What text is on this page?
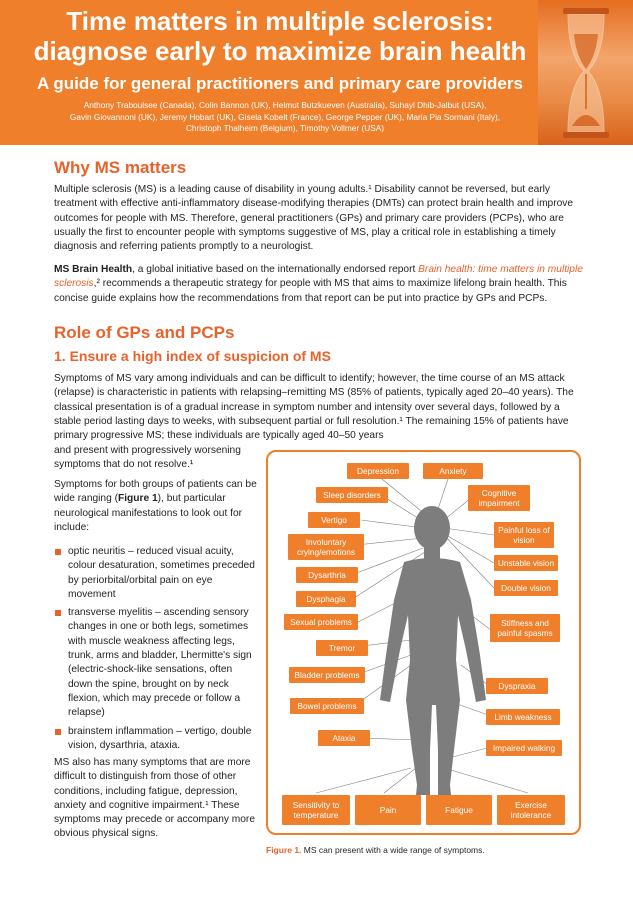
Time matters in multiple sclerosis:
diagnose early to maximize brain health
A guide for general practitioners and primary care providers
Anthony Traboulsee (Canada), Colin Bannon (UK), Helmut Butzkueven (Australia), Suhayl Dhib-Jalbut (USA),
Gavin Giovannoni (UK), Jeremy Hobart (UK), Gisela Kobelt (France), George Pepper (UK), Maria Pia Sormani (Italy),
Christoph Thalheim (Belgium), Timothy Vollmer (USA)
Why MS matters

Multiple sclerosis (MS) is a leading cause of disability in young adults.¹ Disability cannot be reversed, but early treatment with effective anti-inflammatory disease-modifying therapies (DMTs) can protect brain health and improve outcomes for people with MS. Therefore, general practitioners (GPs) and primary care providers (PCPs), who are usually the first to encounter people with symptoms suggestive of MS, play a critical role in establishing a timely diagnosis and referring patients promptly to a neurologist.

MS Brain Health, a global initiative based on the internationally endorsed report Brain health: time matters in multiple sclerosis,² recommends a therapeutic strategy for people with MS that aims to maximize lifelong brain health. This concise guide explains how the recommendations from that report can be put into practice by GPs and PCPs.

Role of GPs and PCPs
1. Ensure a high index of suspicion of MS

Symptoms of MS vary among individuals and can be difficult to identify; however, the time course of an MS attack (relapse) is characteristic in patients with relapsing–remitting MS (85% of patients, typically aged 20–40 years). The classical presentation is of a gradual increase in symptom number and intensity over several days, followed by a stable period lasting days to weeks, with subsequent partial or full resolution.¹ The remaining 15% of patients have primary progressive MS; these individuals are typically aged 40–50 years

and present with progressively worsening symptoms that do not resolve.¹

Symptoms for both groups of patients can be wide ranging (Figure 1), but particular neurological manifestations to look out for include:

optic neuritis – reduced visual acuity, colour desaturation, sometimes preceded by periorbital/orbital pain on eye movement
transverse myelitis – ascending sensory changes in one or both legs, sometimes with muscle weakness affecting legs, trunk, arms and bladder, Lhermitte's sign (electric-shock-like sensations, often down the spine, brought on by neck flexion, which may precede or follow a relapse)
brainstem inflammation – vertigo, double vision, dysarthria, ataxia.

MS also has many symptoms that are more difficult to distinguish from those of other conditions, including fatigue, depression, anxiety and cognitive impairment.¹ These symptoms may precede or accompany more obvious physical signs.

Depression	Anxiety
Sleep disorders	Cognitive impairment
Vertigo
Painful loss of vision
Involuntary crying/emotions
Unstable vision
Dysarthria
Double vision
Dysphagia
Sexual problems	Stiffness and painful spasms
Tremor
Bladder problems
Dyspraxia
Bowel problems
Limb weakness
Ataxia
Impaired walking
Sensitivity to temperature	Pain	Fatigue	Exercise intolerance
Figure 1. MS can present with a wide range of symptoms.
